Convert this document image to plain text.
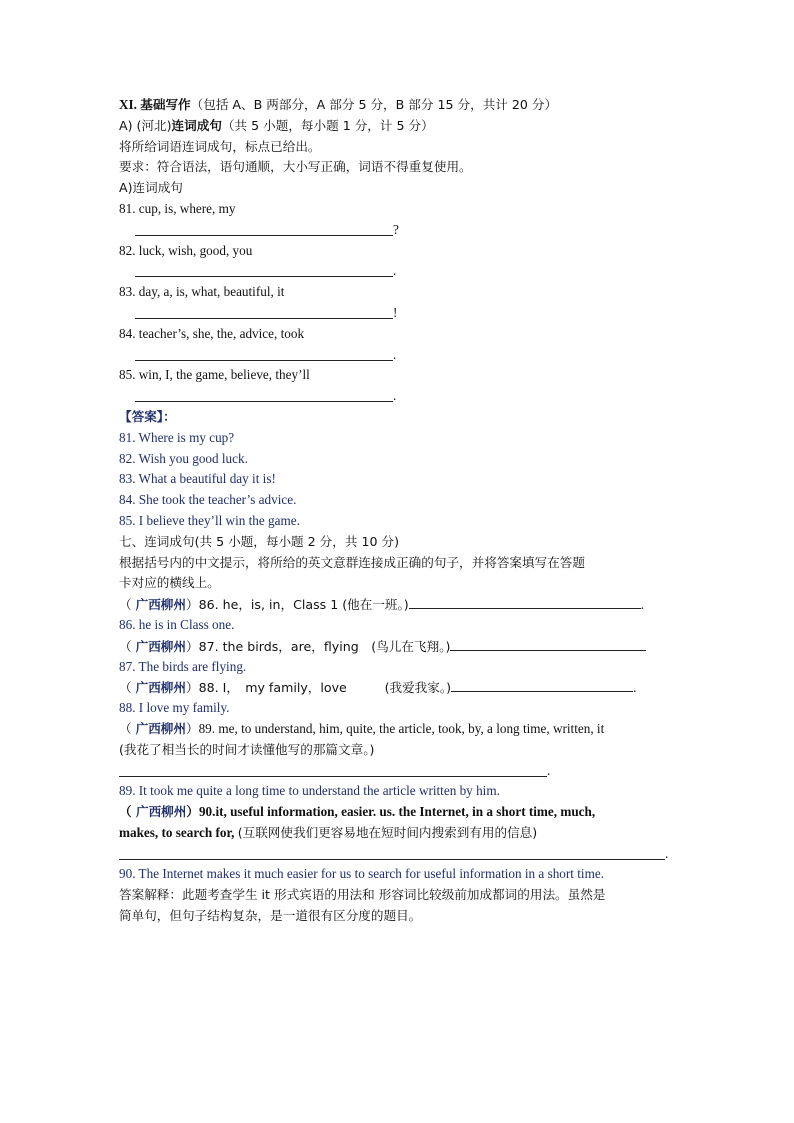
XI. 基础写作（包括 A、B 两部分，A 部分 5 分，B 部分 15 分，共计 20 分）
A) (河北)连词成句（共 5 小题，每小题 1 分，计 5 分）
将所给词语连词成句，标点已给出。
要求：符合语法，语句通顺，大小写正确，词语不得重复使用。
A)连词成句
81. cup, is, where, my
?
82. luck, wish, good, you
.
83. day, a, is, what, beautiful, it
!
84. teacher’s, she, the, advice, took
.
85. win, I, the game, believe, they’ll
.
【答案】：
81. Where is my cup?
82. Wish you good luck.
83. What a beautiful day it is!
84. She took the teacher’s advice.
85. I believe they’ll win the game.
七、连词成句(共 5 小题，每小题 2 分，共 10 分)
根据括号内的中文提示，将所给的英文意群连接成正确的句子，并将答案填写在答题
卡对应的横线上。
（ 广西柳州）86. he，is, in，Class 1 (他在一班。)	.
86. he is in Class one.
（ 广西柳州）87. the birds，are，flying　(鸟儿在飞翔。)
87. The birds are flying.
（ 广西柳州）88. I，　my family，love　　　(我爱我家。)	.
88. I love my family.
（ 广西柳州）89. me, to understand, him, quite, the article, took, by, a long time, written, it
(我花了相当长的时间才读懂他写的那篇文章。)
.
89. It took me quite a long time to understand the article written by him.
（ 广西柳州）90.it, useful information, easier. us. the Internet, in a short time, much,
makes, to search for, (互联网使我们更容易地在短时间内搜索到有用的信息)
.
90. The Internet makes it much easier for us to search for useful information in a short time.
答案解释：此题考查学生 it 形式宾语的用法和 形容词比较级前加成都词的用法。虽然是
简单句，但句子结构复杂，是一道很有区分度的题目。
